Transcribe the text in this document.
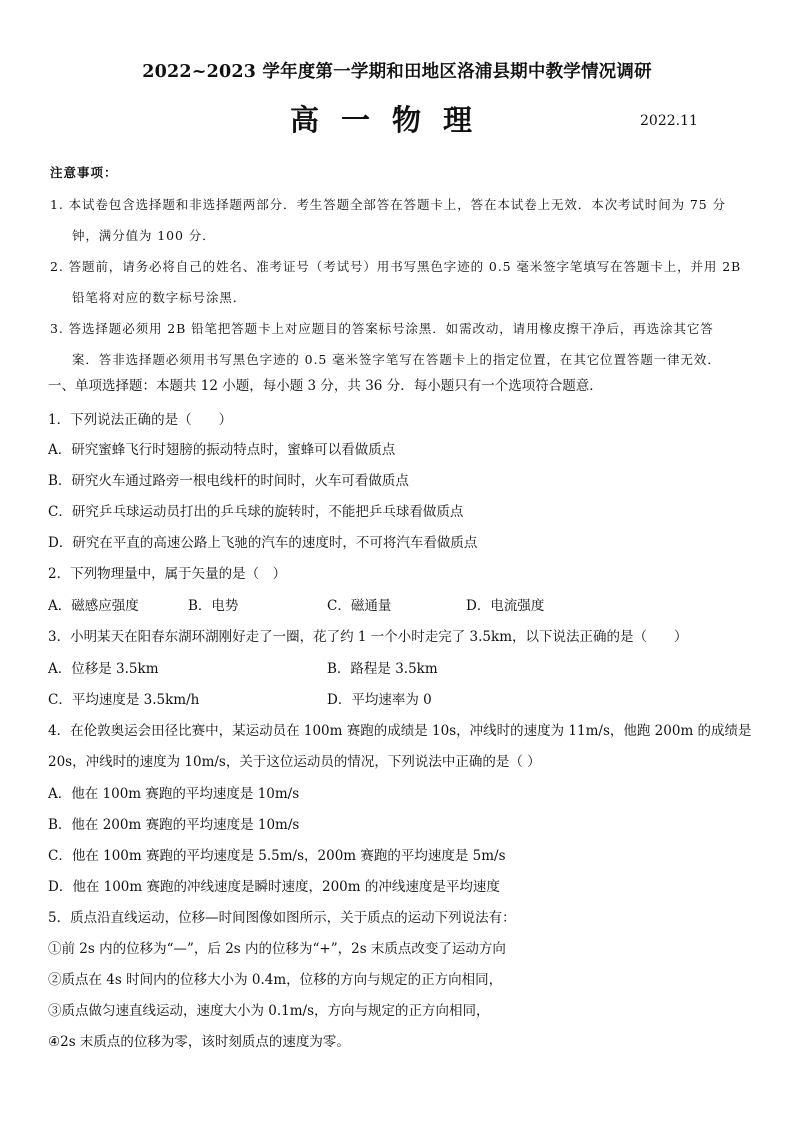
2022~2023 学年度第一学期和田地区洛浦县期中教学情况调研
高一物理	2022.11
注意事项：
1. 本试卷包含选择题和非选择题两部分．考生答题全部答在答题卡上，答在本试卷上无效．本次考试时间为 75 分
钟，满分值为 100 分．
2. 答题前，请务必将自己的姓名、准考证号（考试号）用书写黑色字迹的 0.5 毫米签字笔填写在答题卡上，并用 2B
铅笔将对应的数字标号涂黑．
3. 答选择题必须用 2B 铅笔把答题卡上对应题目的答案标号涂黑．如需改动，请用橡皮擦干净后，再选涂其它答
案．答非选择题必须用书写黑色字迹的 0.5 毫米签字笔写在答题卡上的指定位置，在其它位置答题一律无效．
一、单项选择题：本题共 12 小题，每小题 3 分，共 36 分．每小题只有一个选项符合题意．
1．下列说法正确的是（　　）
A．研究蜜蜂飞行时翅膀的振动特点时，蜜蜂可以看做质点
B．研究火车通过路旁一根电线杆的时间时，火车可看做质点
C．研究乒乓球运动员打出的乒乓球的旋转时，不能把乒乓球看做质点
D．研究在平直的高速公路上飞驰的汽车的速度时，不可将汽车看做质点
2．下列物理量中，属于矢量的是（　）
A．磁感应强度	B．电势	C．磁通量	D．电流强度
3．小明某天在阳春东湖环湖刚好走了一圈，花了约 1 一个小时走完了 3.5km，以下说法正确的是（　　）
A．位移是 3.5km	B．路程是 3.5km
C．平均速度是 3.5km/h	D．平均速率为 0
4．在伦敦奥运会田径比赛中，某运动员在 100m 赛跑的成绩是 10s，冲线时的速度为 11m/s，他跑 200m 的成绩是
20s，冲线时的速度为 10m/s，关于这位运动员的情况，下列说法中正确的是（ ）
A．他在 100m 赛跑的平均速度是 10m/s
B．他在 200m 赛跑的平均速度是 10m/s
C．他在 100m 赛跑的平均速度是 5.5m/s，200m 赛跑的平均速度是 5m/s
D．他在 100m 赛跑的冲线速度是瞬时速度，200m 的冲线速度是平均速度
5．质点沿直线运动，位移—时间图像如图所示，关于质点的运动下列说法有：
①前 2s 内的位移为“—”，后 2s 内的位移为“+”，2s 末质点改变了运动方向
②质点在 4s 时间内的位移大小为 0.4m，位移的方向与规定的正方向相同，
③质点做匀速直线运动，速度大小为 0.1m/s，方向与规定的正方向相同，
④2s 末质点的位移为零，该时刻质点的速度为零。
